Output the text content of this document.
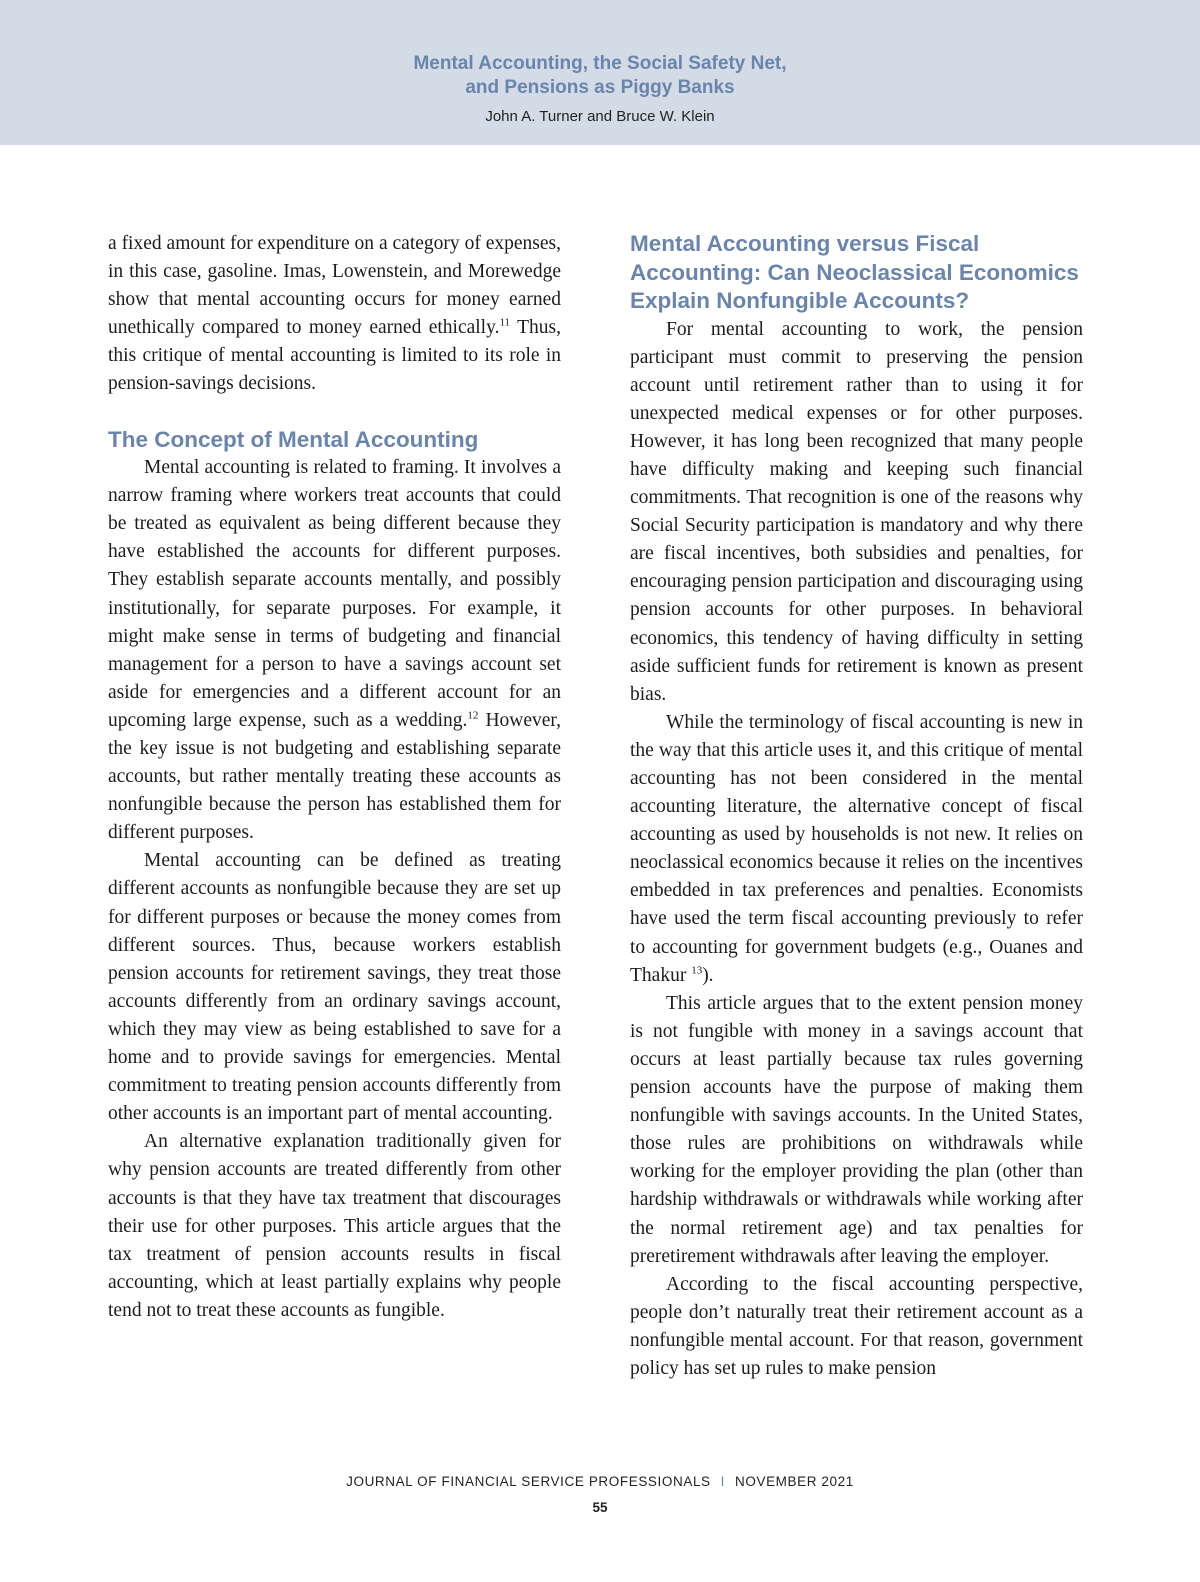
Mental Accounting, the Social Safety Net,
and Pensions as Piggy Banks
John A. Turner and Bruce W. Klein

a fixed amount for expenditure on a category of expenses, in this case, gasoline. Imas, Lowenstein, and Morewedge show that mental accounting occurs for money earned unethically compared to money earned ethically.$^{11}$ Thus, this critique of mental accounting is limited to its role in pension-savings decisions.

The Concept of Mental Accounting

Mental accounting is related to framing. It involves a narrow framing where workers treat accounts that could be treated as equivalent as being different because they have established the accounts for different purposes. They establish separate accounts mentally, and possibly institutionally, for separate purposes. For example, it might make sense in terms of budgeting and financial management for a person to have a savings account set aside for emergencies and a different account for an upcoming large expense, such as a wedding.$^{12}$ However, the key issue is not budgeting and establishing separate accounts, but rather mentally treating these accounts as nonfungible because the person has established them for different purposes.

Mental accounting can be defined as treating different accounts as nonfungible because they are set up for different purposes or because the money comes from different sources. Thus, because workers establish pension accounts for retirement savings, they treat those accounts differently from an ordinary savings account, which they may view as being established to save for a home and to provide savings for emergencies. Mental commitment to treating pension accounts differently from other accounts is an important part of mental accounting.

An alternative explanation traditionally given for why pension accounts are treated differently from other accounts is that they have tax treatment that discourages their use for other purposes. This article argues that the tax treatment of pension accounts results in fiscal accounting, which at least partially explains why people tend not to treat these accounts as fungible.

Mental Accounting versus Fiscal Accounting: Can Neoclassical Economics Explain Nonfungible Accounts?

For mental accounting to work, the pension participant must commit to preserving the pension account until retirement rather than to using it for unexpected medical expenses or for other purposes. However, it has long been recognized that many people have difficulty making and keeping such financial commitments. That recognition is one of the reasons why Social Security participation is mandatory and why there are fiscal incentives, both subsidies and penalties, for encouraging pension participation and discouraging using pension accounts for other purposes. In behavioral economics, this tendency of having difficulty in setting aside sufficient funds for retirement is known as present bias.

While the terminology of fiscal accounting is new in the way that this article uses it, and this critique of mental accounting has not been considered in the mental accounting literature, the alternative concept of fiscal accounting as used by households is not new. It relies on neoclassical economics because it relies on the incentives embedded in tax preferences and penalties. Economists have used the term fiscal accounting previously to refer to accounting for government budgets (e.g., Ouanes and Thakur $^{13}$).

This article argues that to the extent pension money is not fungible with money in a savings account that occurs at least partially because tax rules governing pension accounts have the purpose of making them nonfungible with savings accounts. In the United States, those rules are prohibitions on withdrawals while working for the employer providing the plan (other than hardship withdrawals or withdrawals while working after the normal retirement age) and tax penalties for preretirement withdrawals after leaving the employer.

According to the fiscal accounting perspective, people don’t naturally treat their retirement account as a nonfungible mental account. For that reason, government policy has set up rules to make pension

JOURNAL OF FINANCIAL SERVICE PROFESSIONALS I NOVEMBER 2021
55
